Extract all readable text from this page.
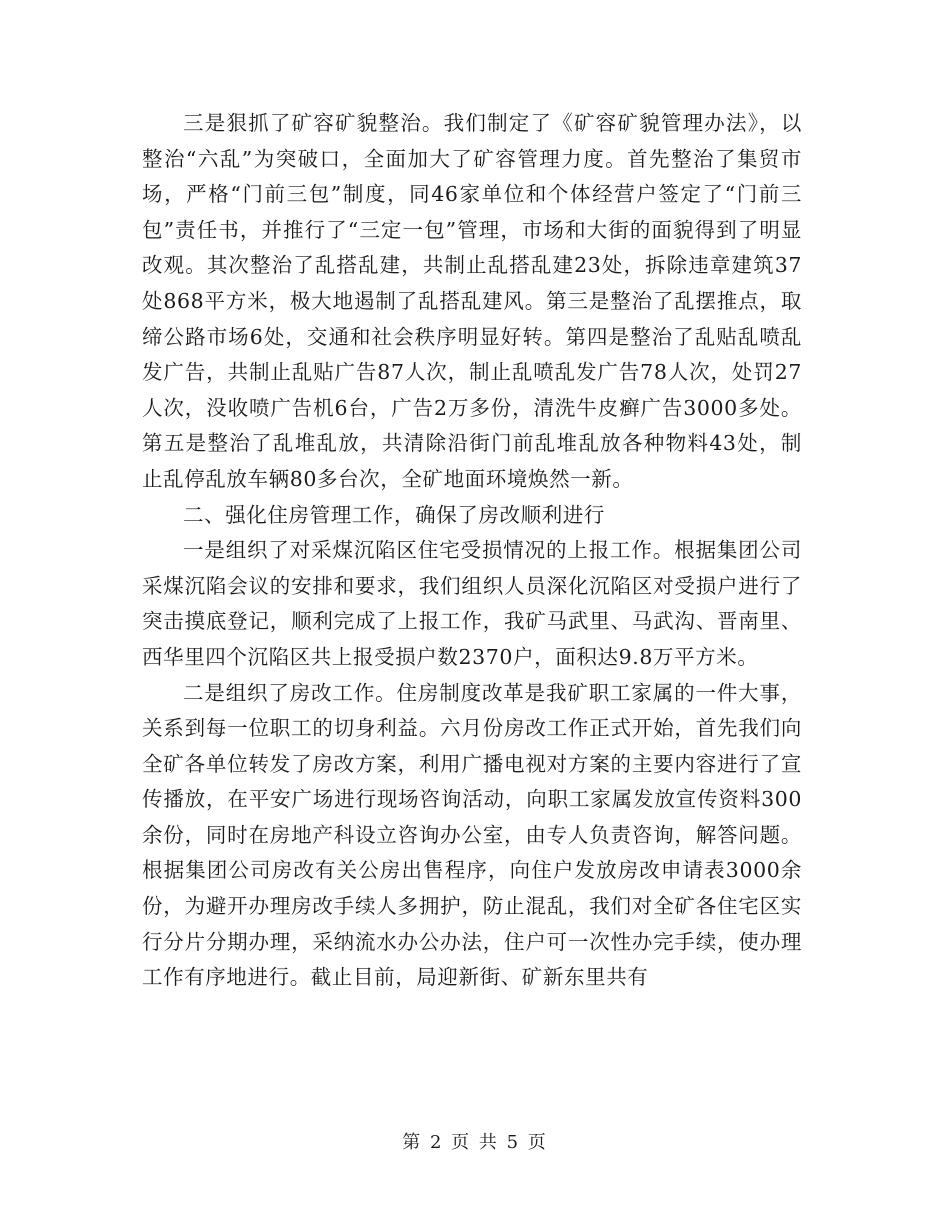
三是狠抓了矿容矿貌整治。我们制定了《矿容矿貌管理办法》，以整治“六乱”为突破口，全面加大了矿容管理力度。首先整治了集贸市场，严格“门前三包”制度，同46家单位和个体经营户签定了“门前三包”责任书，并推行了“三定一包”管理，市场和大街的面貌得到了明显改观。其次整治了乱搭乱建，共制止乱搭乱建23处，拆除违章建筑37处868平方米，极大地遏制了乱搭乱建风。第三是整治了乱摆推点，取缔公路市场6处，交通和社会秩序明显好转。第四是整治了乱贴乱喷乱发广告，共制止乱贴广告87人次，制止乱喷乱发广告78人次，处罚27人次，没收喷广告机6台，广告2万多份，清洗牛皮癣广告3000多处。第五是整治了乱堆乱放，共清除沿街门前乱堆乱放各种物料43处，制止乱停乱放车辆80多台次，全矿地面环境焕然一新。

二、强化住房管理工作，确保了房改顺利进行

一是组织了对采煤沉陷区住宅受损情况的上报工作。根据集团公司采煤沉陷会议的安排和要求，我们组织人员深化沉陷区对受损户进行了突击摸底登记，顺利完成了上报工作，我矿马武里、马武沟、晋南里、西华里四个沉陷区共上报受损户数2370户，面积达9.8万平方米。

二是组织了房改工作。住房制度改革是我矿职工家属的一件大事，关系到每一位职工的切身利益。六月份房改工作正式开始，首先我们向全矿各单位转发了房改方案，利用广播电视对方案的主要内容进行了宣传播放，在平安广场进行现场咨询活动，向职工家属发放宣传资料300余份，同时在房地产科设立咨询办公室，由专人负责咨询，解答问题。根据集团公司房改有关公房出售程序，向住户发放房改申请表3000余份，为避开办理房改手续人多拥护，防止混乱，我们对全矿各住宅区实行分片分期办理，采纳流水办公办法，住户可一次性办完手续，使办理工作有序地进行。截止目前，局迎新街、矿新东里共有

第 2 页 共 5 页
